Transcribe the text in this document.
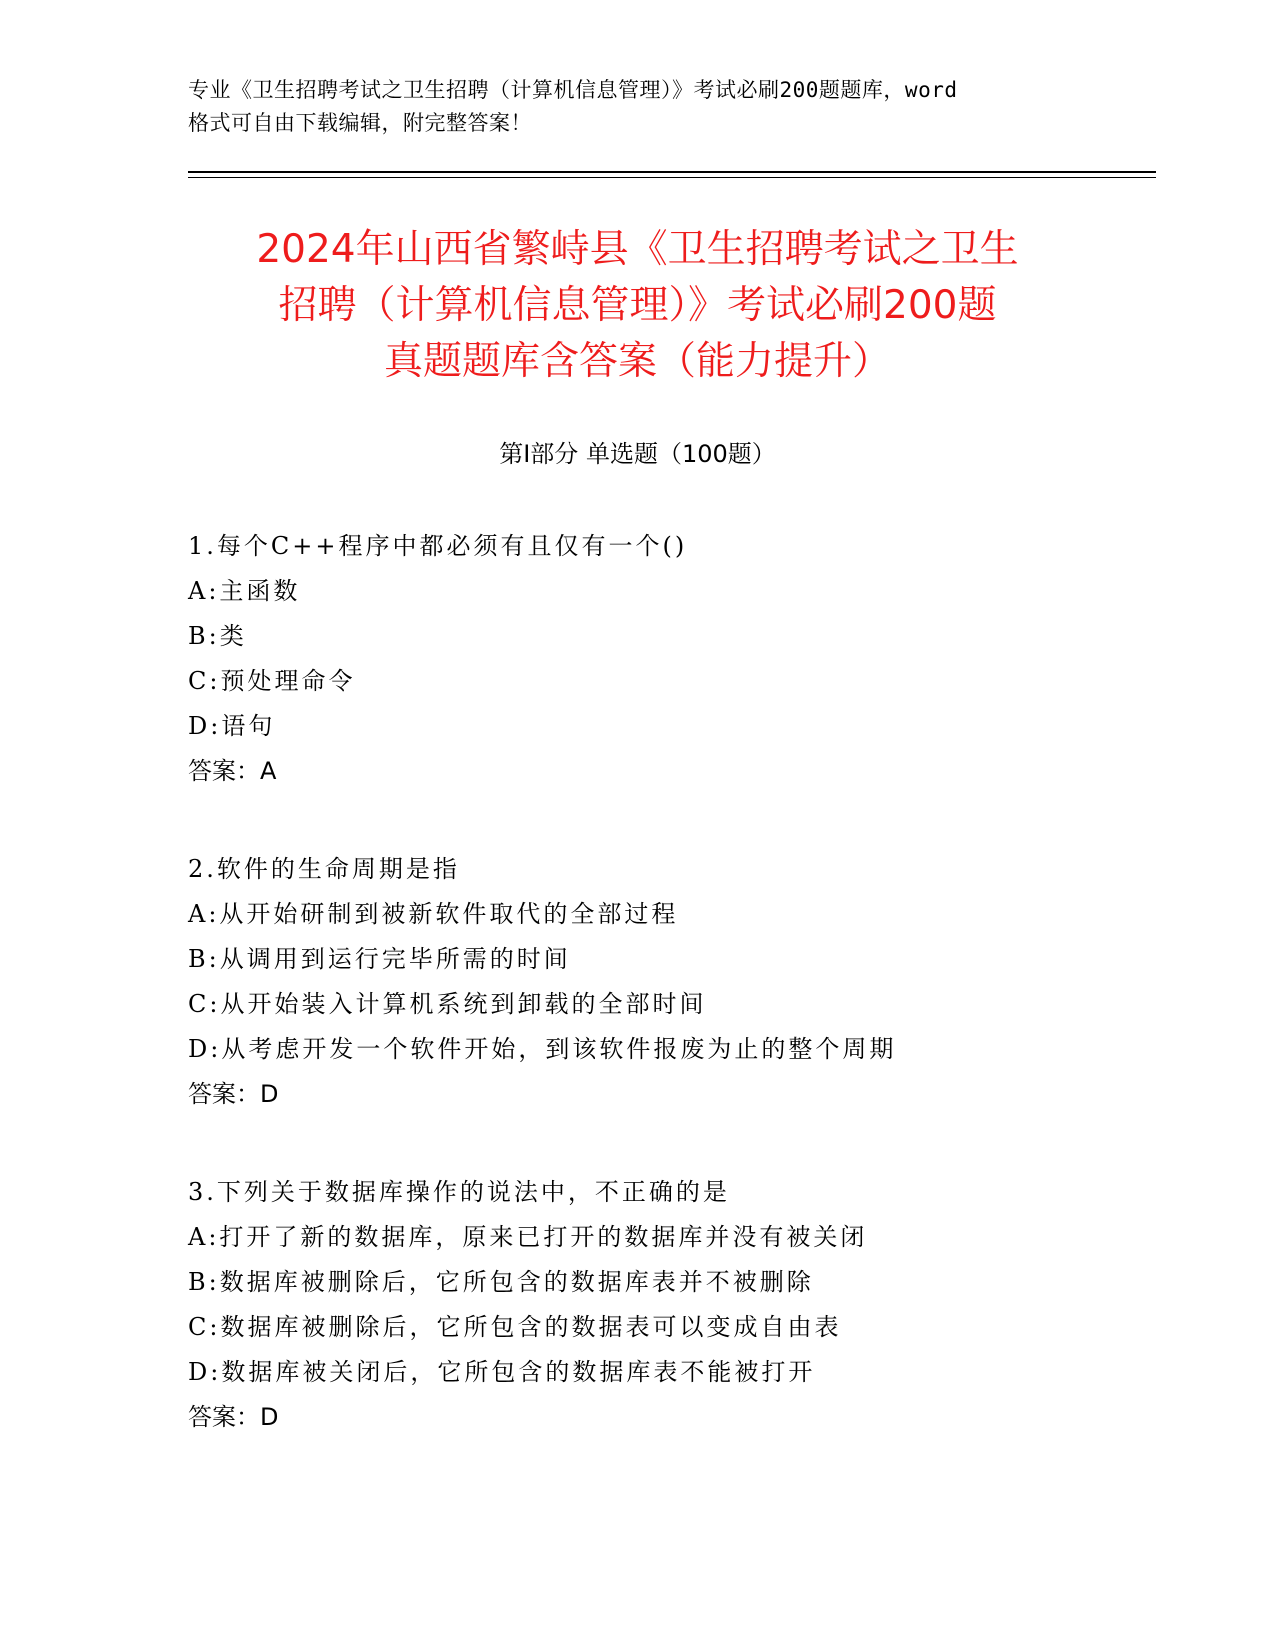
专业《卫生招聘考试之卫生招聘（计算机信息管理）》考试必刷200题题库，word
格式可自由下载编辑，附完整答案！
2024年山西省繁峙县《卫生招聘考试之卫生
招聘（计算机信息管理）》考试必刷200题
真题题库含答案（能力提升）
第Ⅰ部分 单选题（100题）
1.每个C++程序中都必须有且仅有一个()
A:主函数
B:类
C:预处理命令
D:语句
答案：A
2.软件的生命周期是指
A:从开始研制到被新软件取代的全部过程
B:从调用到运行完毕所需的时间
C:从开始装入计算机系统到卸载的全部时间
D:从考虑开发一个软件开始，到该软件报废为止的整个周期
答案：D
3.下列关于数据库操作的说法中，不正确的是
A:打开了新的数据库，原来已打开的数据库并没有被关闭
B:数据库被删除后，它所包含的数据库表并不被删除
C:数据库被删除后，它所包含的数据表可以变成自由表
D:数据库被关闭后，它所包含的数据库表不能被打开
答案：D
